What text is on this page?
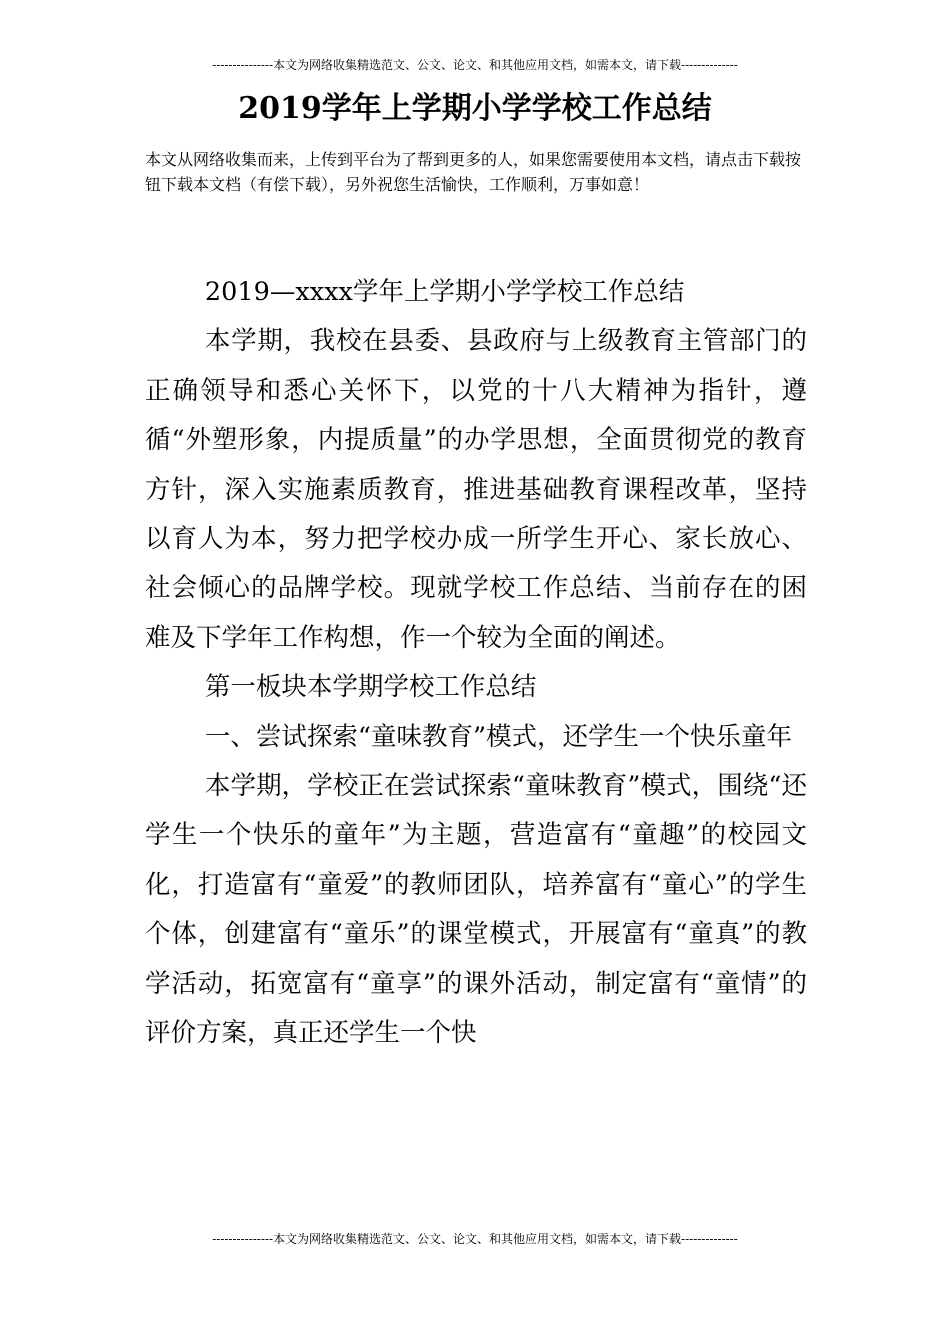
---------------本文为网络收集精选范文、公文、论文、和其他应用文档，如需本文，请下载--------------
2019学年上学期小学学校工作总结
本文从网络收集而来，上传到平台为了帮到更多的人，如果您需要使用本文档，请点击下载按钮下载本文档（有偿下载），另外祝您生活愉快，工作顺利，万事如意！

2019—xxxx学年上学期小学学校工作总结

本学期，我校在县委、县政府与上级教育主管部门的正确领导和悉心关怀下，以党的十八大精神为指针，遵循“外塑形象，内提质量”的办学思想，全面贯彻党的教育方针，深入实施素质教育，推进基础教育课程改革，坚持以育人为本，努力把学校办成一所学生开心、家长放心、社会倾心的品牌学校。现就学校工作总结、当前存在的困难及下学年工作构想，作一个较为全面的阐述。

第一板块本学期学校工作总结

一、尝试探索“童味教育”模式，还学生一个快乐童年

本学期，学校正在尝试探索“童味教育”模式，围绕“还学生一个快乐的童年”为主题，营造富有“童趣”的校园文化，打造富有“童爱”的教师团队，培养富有“童心”的学生个体，创建富有“童乐”的课堂模式，开展富有“童真”的教学活动，拓宽富有“童享”的课外活动，制定富有“童情”的评价方案，真正还学生一个快

---------------本文为网络收集精选范文、公文、论文、和其他应用文档，如需本文，请下载--------------
